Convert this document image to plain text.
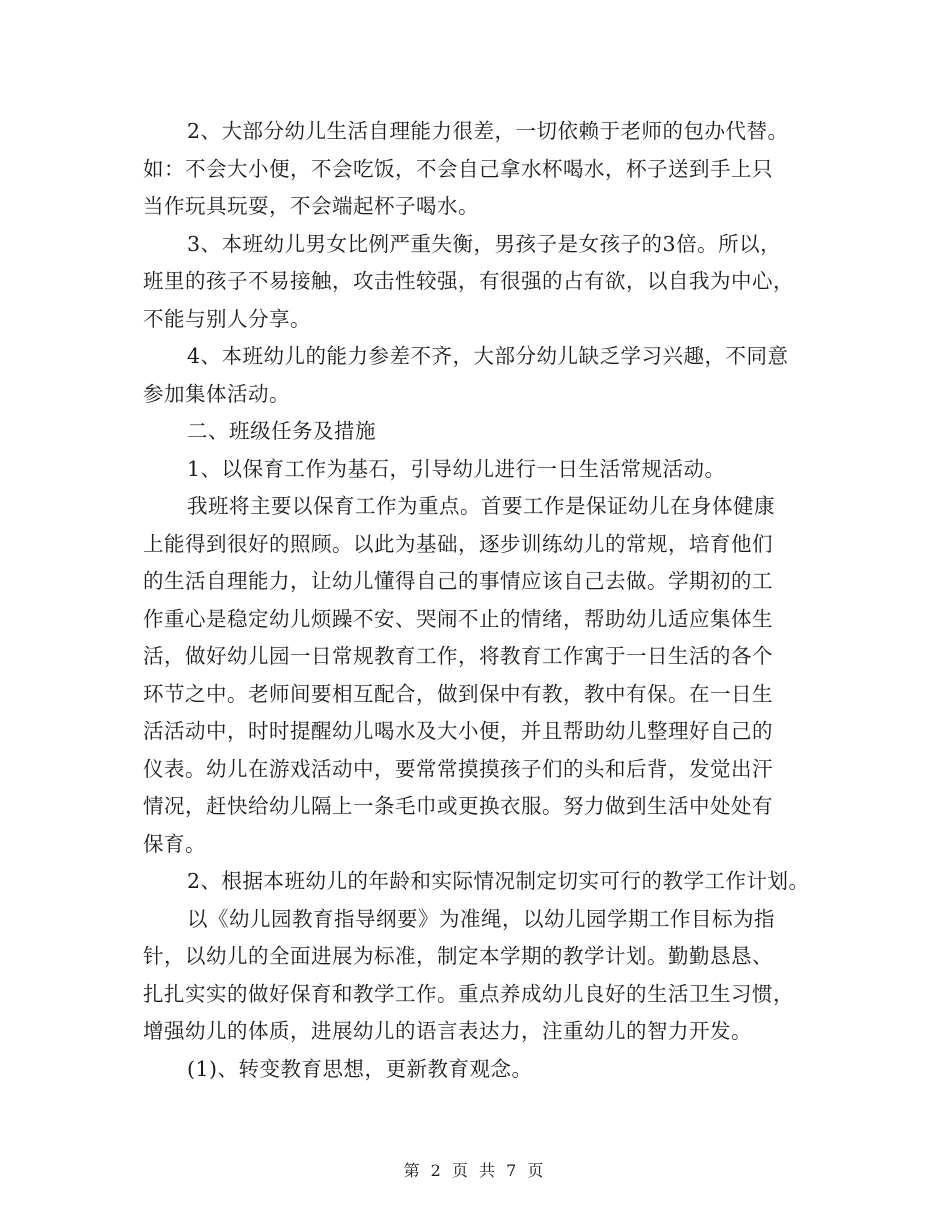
2、大部分幼儿生活自理能力很差，一切依赖于老师的包办代替。
如：不会大小便，不会吃饭，不会自己拿水杯喝水，杯子送到手上只
当作玩具玩耍，不会端起杯子喝水。
3、本班幼儿男女比例严重失衡，男孩子是女孩子的3倍。所以，
班里的孩子不易接触，攻击性较强，有很强的占有欲，以自我为中心，
不能与别人分享。
4、本班幼儿的能力参差不齐，大部分幼儿缺乏学习兴趣，不同意
参加集体活动。
二、班级任务及措施
1、以保育工作为基石，引导幼儿进行一日生活常规活动。
我班将主要以保育工作为重点。首要工作是保证幼儿在身体健康
上能得到很好的照顾。以此为基础，逐步训练幼儿的常规，培育他们
的生活自理能力，让幼儿懂得自己的事情应该自己去做。学期初的工
作重心是稳定幼儿烦躁不安、哭闹不止的情绪，帮助幼儿适应集体生
活，做好幼儿园一日常规教育工作，将教育工作寓于一日生活的各个
环节之中。老师间要相互配合，做到保中有教，教中有保。在一日生
活活动中，时时提醒幼儿喝水及大小便，并且帮助幼儿整理好自己的
仪表。幼儿在游戏活动中，要常常摸摸孩子们的头和后背，发觉出汗
情况，赶快给幼儿隔上一条毛巾或更换衣服。努力做到生活中处处有
保育。
2、根据本班幼儿的年龄和实际情况制定切实可行的教学工作计划。
以《幼儿园教育指导纲要》为准绳，以幼儿园学期工作目标为指
针，以幼儿的全面进展为标准，制定本学期的教学计划。勤勤恳恳、
扎扎实实的做好保育和教学工作。重点养成幼儿良好的生活卫生习惯，
增强幼儿的体质，进展幼儿的语言表达力，注重幼儿的智力开发。
(1)、转变教育思想，更新教育观念。
第 2 页 共 7 页
